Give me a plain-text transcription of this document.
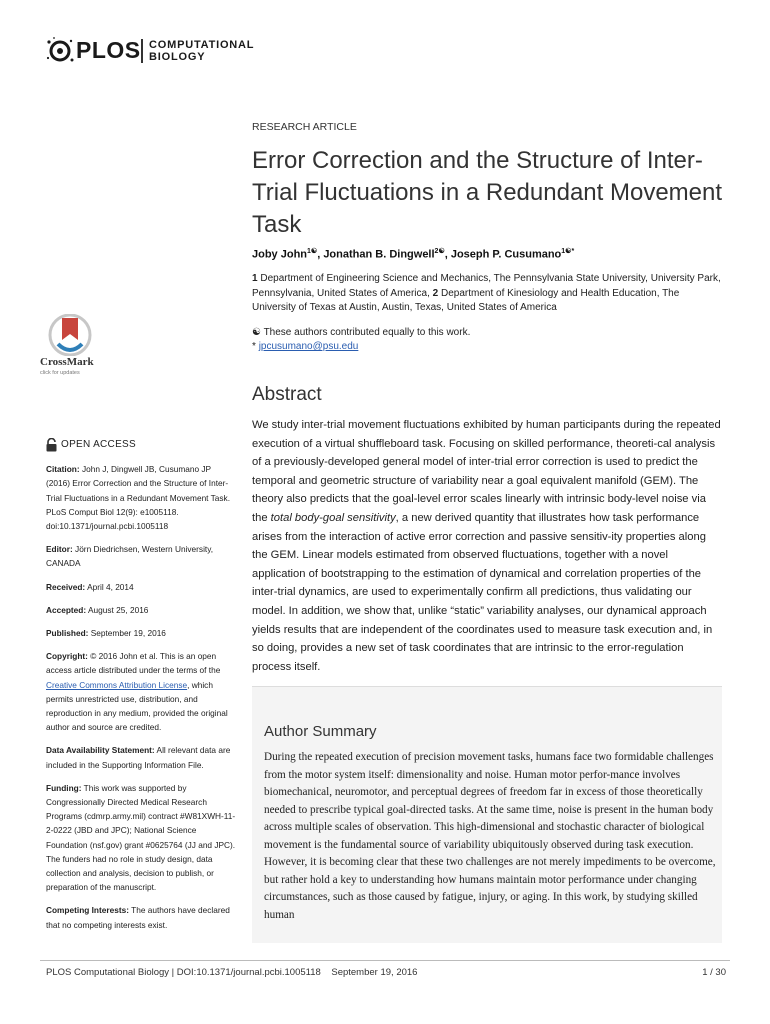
PLOS COMPUTATIONAL
BIOLOGY
RESEARCH ARTICLE
Error Correction and the Structure of Inter-Trial Fluctuations in a Redundant Movement Task
Joby John$^{1☯}$, Jonathan B. Dingwell$^{2☯}$, Joseph P. Cusumano$^{1☯*}$
1 Department of Engineering Science and Mechanics, The Pennsylvania State University, University Park, Pennsylvania, United States of America, 2 Department of Kinesiology and Health Education, The University of Texas at Austin, Austin, Texas, United States of America
☯ These authors contributed equally to this work.
* jpcusumano@psu.edu
CrossMark
click for updates
Abstract
We study inter-trial movement fluctuations exhibited by human participants during the repeated execution of a virtual shuffleboard task. Focusing on skilled performance, theoreti-cal analysis of a previously-developed general model of inter-trial error correction is used to predict the temporal and geometric structure of variability near a goal equivalent manifold (GEM). The theory also predicts that the goal-level error scales linearly with intrinsic body-level noise via the total body-goal sensitivity, a new derived quantity that illustrates how task performance arises from the interaction of active error correction and passive sensitiv-ity properties along the GEM. Linear models estimated from observed fluctuations, together with a novel application of bootstrapping to the estimation of dynamical and correlation properties of the inter-trial dynamics, are used to experimentally confirm all predictions, thus validating our model. In addition, we show that, unlike “static” variability analyses, our dynamical approach yields results that are independent of the coordinates used to measure task execution and, in so doing, provides a new set of task coordinates that are intrinsic to the error-regulation process itself.

OPEN ACCESS

Citation: John J, Dingwell JB, Cusumano JP (2016) Error Correction and the Structure of Inter-Trial Fluctuations in a Redundant Movement Task. PLoS Comput Biol 12(9): e1005118. doi:10.1371/journal.pcbi.1005118

Editor: Jörn Diedrichsen, Western University, CANADA

Received: April 4, 2014

Accepted: August 25, 2016

Published: September 19, 2016

Copyright: © 2016 John et al. This is an open access article distributed under the terms of the Creative Commons Attribution License, which permits unrestricted use, distribution, and reproduction in any medium, provided the original author and source are credited.

Data Availability Statement: All relevant data are included in the Supporting Information File.

Funding: This work was supported by Congressionally Directed Medical Research Programs (cdmrp.army.mil) contract #W81XWH-11-2-0222 (JBD and JPC); National Science Foundation (nsf.gov) grant #0625764 (JJ and JPC). The funders had no role in study design, data collection and analysis, decision to publish, or preparation of the manuscript.

Competing Interests: The authors have declared that no competing interests exist.

Author Summary
During the repeated execution of precision movement tasks, humans face two formidable challenges from the motor system itself: dimensionality and noise. Human motor perfor-mance involves biomechanical, neuromotor, and perceptual degrees of freedom far in excess of those theoretically needed to prescribe typical goal-directed tasks. At the same time, noise is present in the human body across multiple scales of observation. This high-dimensional and stochastic character of biological movement is the fundamental source of variability ubiquitously observed during task execution. However, it is becoming clear that these two challenges are not merely impediments to be overcome, but rather hold a key to understanding how humans maintain motor performance under changing circumstances, such as those caused by fatigue, injury, or aging. In this work, by studying skilled human
PLOS Computational Biology | DOI:10.1371/journal.pcbi.1005118    September 19, 2016	1 / 30
